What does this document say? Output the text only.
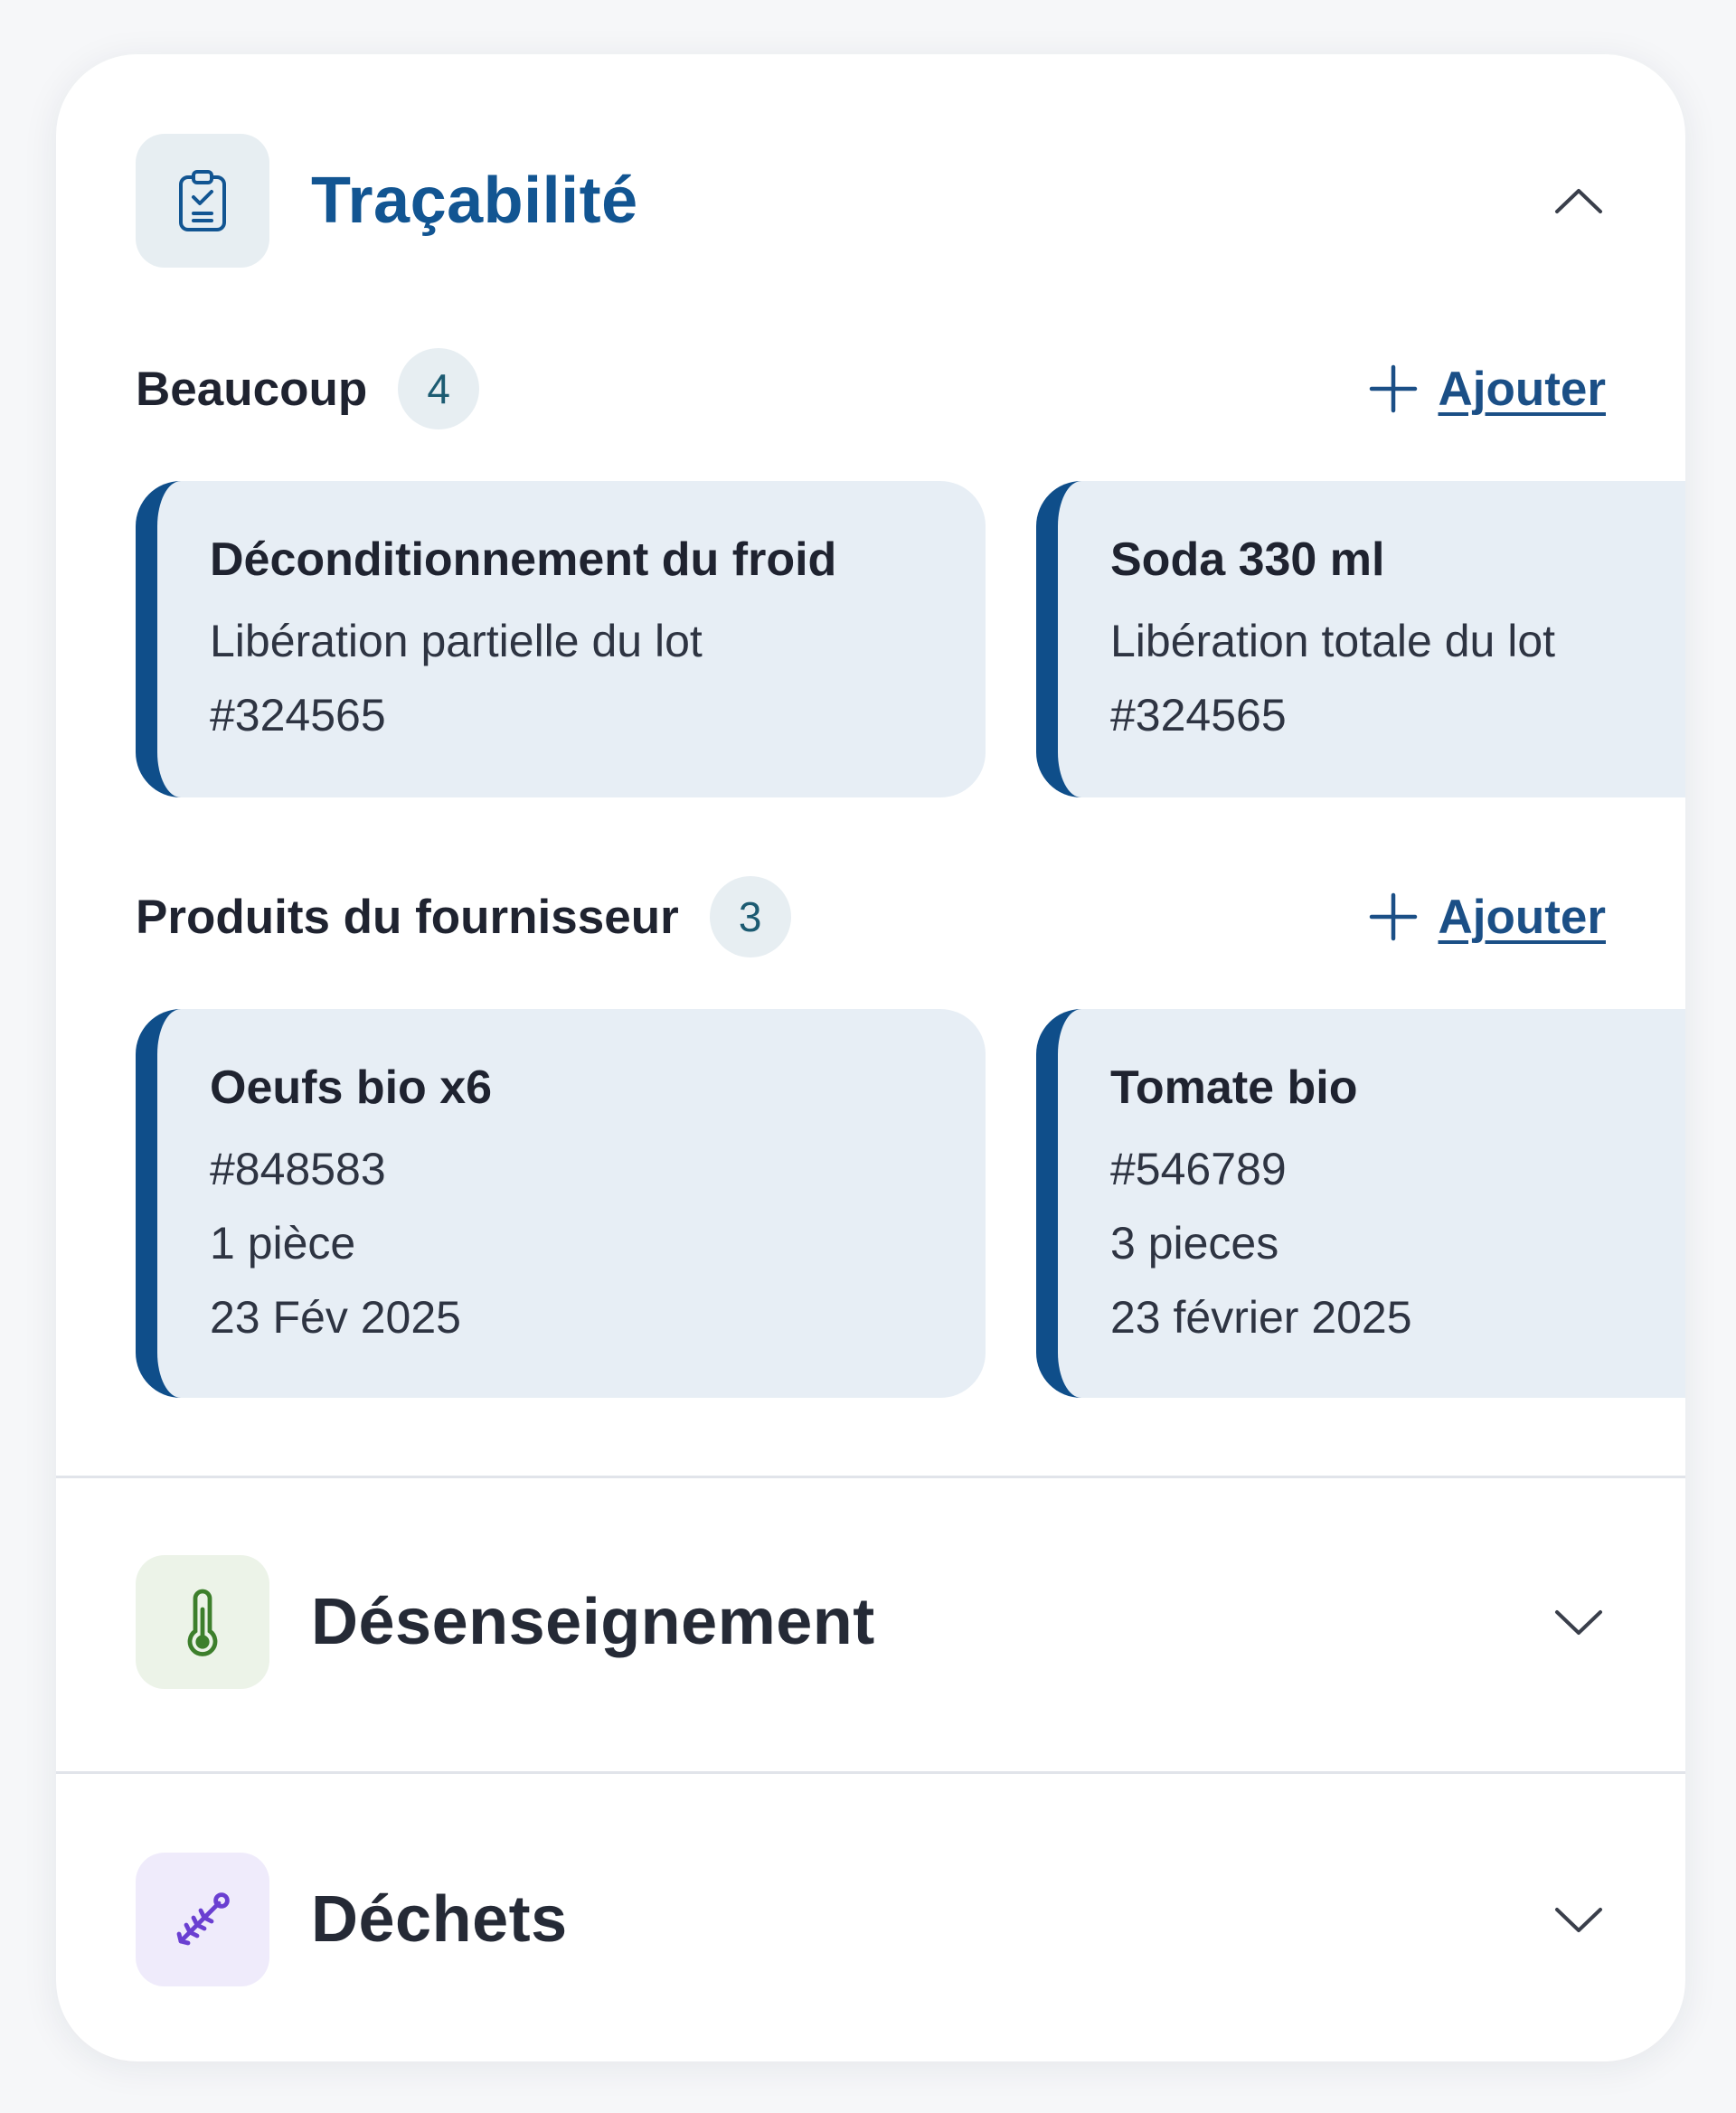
Traçabilité
Beaucoup	4	Ajouter
Déconditionnement du froid
Libération partielle du lot
#324565
Soda 330 ml
Libération totale du lot
#324565
Produits du fournisseur	3	Ajouter
Oeufs bio x6
#848583
1 pièce
23 Fév 2025
Tomate bio
#546789
3 pieces
23 février 2025
Désenseignement
Déchets
